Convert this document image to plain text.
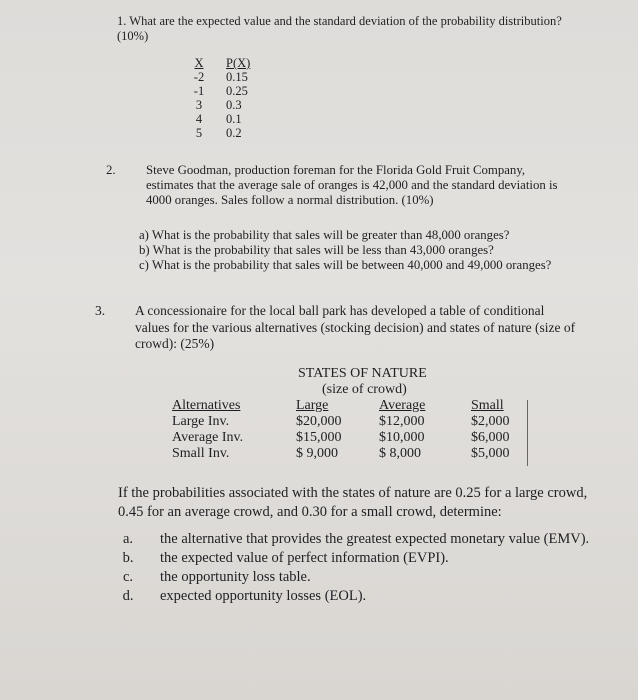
1. What are the expected value and the standard deviation of the probability distribution?
(10%)
X
-2
-1
3
4
5
P(X)
0.15
0.25
0.3
0.1
0.2
2. Steve Goodman, production foreman for the Florida Gold Fruit Company,
estimates that the average sale of oranges is 42,000 and the standard deviation is
4000 oranges. Sales follow a normal distribution. (10%)
a) What is the probability that sales will be greater than 48,000 oranges?
b) What is the probability that sales will be less than 43,000 oranges?
c) What is the probability that sales will be between 40,000 and 49,000 oranges?
3. A concessionaire for the local ball park has developed a table of conditional
values for the various alternatives (stocking decision) and states of nature (size of
crowd): (25%)
STATES OF NATURE
(size of crowd)
Alternatives
Large Inv.
Average Inv.
Small Inv.
Large
$20,000
$15,000
$ 9,000
Average
$12,000
$10,000
$ 8,000
Small
$2,000
$6,000
$5,000
If the probabilities associated with the states of nature are 0.25 for a large crowd,
0.45 for an average crowd, and 0.30 for a small crowd, determine:
a.
b.
c.
d.
the alternative that provides the greatest expected monetary value (EMV).
the expected value of perfect information (EVPI).
the opportunity loss table.
expected opportunity losses (EOL).
